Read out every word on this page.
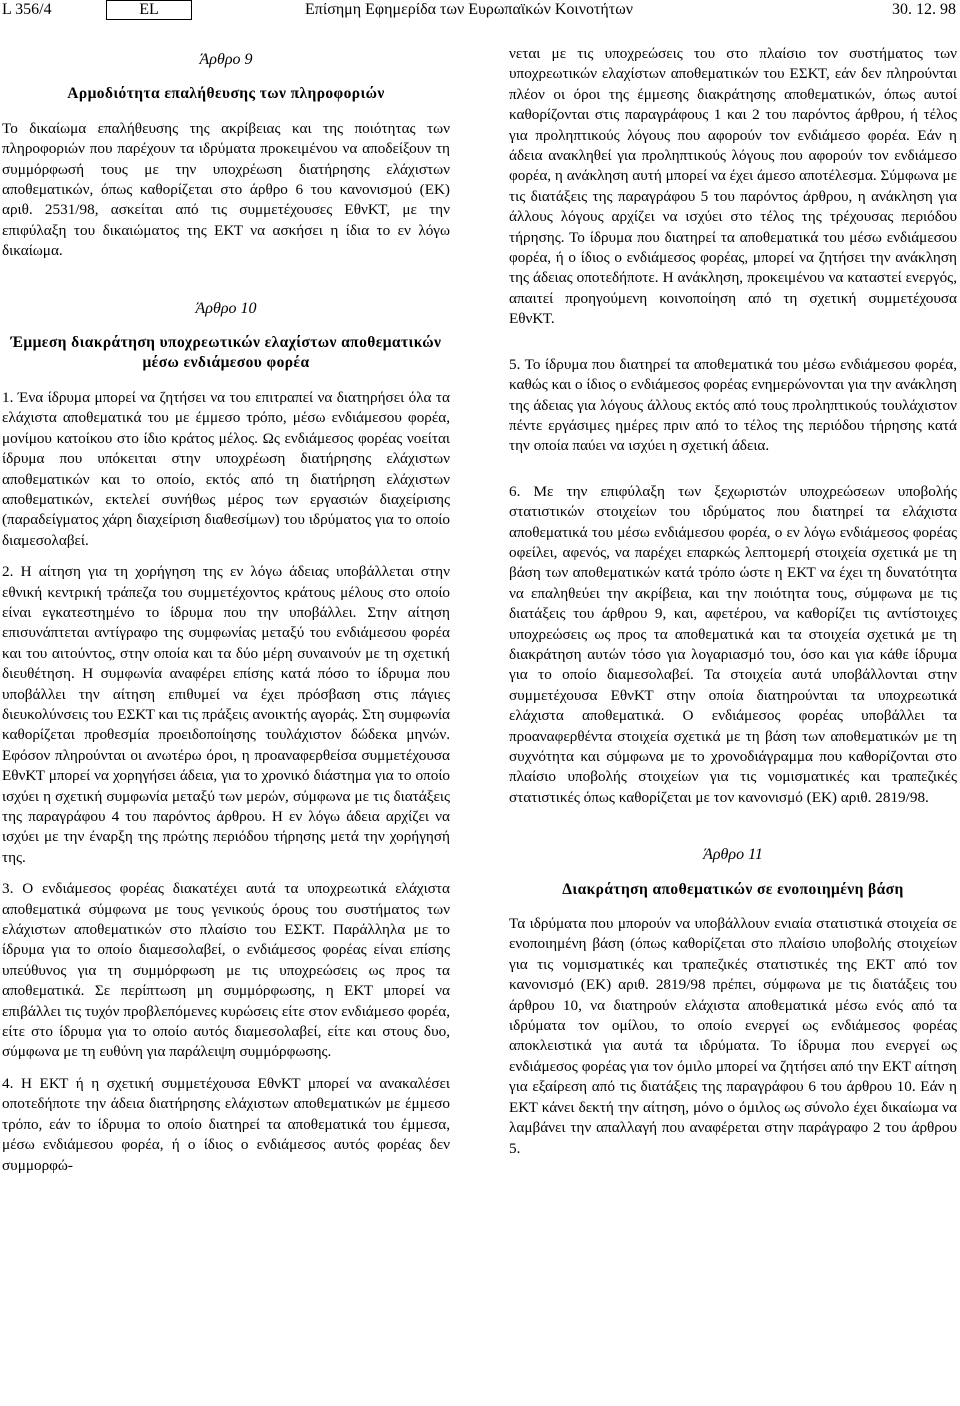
L 356/4	EL	Επίσημη Εφημερίδα των Ευρωπαϊκών Κοινοτήτων	30. 12. 98
Άρθρο 9
Αρμοδιότητα επαλήθευσης των πληροφοριών

Το δικαίωμα επαλήθευσης της ακρίβειας και της ποιότητας των πληροφοριών που παρέχουν τα ιδρύματα προκειμένου να αποδείξουν τη συμμόρφωσή τους με την υποχρέωση διατήρησης ελάχιστων αποθεματικών, όπως καθορίζεται στο άρθρο 6 του κανονισμού (ΕΚ) αριθ. 2531/98, ασκείται από τις συμμετέχουσες ΕθνΚΤ, με την επιφύλαξη του δικαιώματος της ΕΚΤ να ασκήσει η ίδια το εν λόγω δικαίωμα.

Άρθρο 10
Έμμεση διακράτηση υποχρεωτικών ελαχίστων αποθεματικών μέσω ενδιάμεσου φορέα

1. Ένα ίδρυμα μπορεί να ζητήσει να του επιτραπεί να διατηρήσει όλα τα ελάχιστα αποθεματικά του με έμμεσο τρόπο, μέσω ενδιάμεσου φορέα, μονίμου κατοίκου στο ίδιο κράτος μέλος. Ως ενδιάμεσος φορέας νοείται ίδρυμα που υπόκειται στην υποχρέωση διατήρησης ελάχιστων αποθεματικών και το οποίο, εκτός από τη διατήρηση ελάχιστων αποθεματικών, εκτελεί συνήθως μέρος των εργασιών διαχείρισης (παραδείγματος χάρη διαχείριση διαθεσίμων) του ιδρύματος για το οποίο διαμεσολαβεί.

2. Η αίτηση για τη χορήγηση της εν λόγω άδειας υποβάλλεται στην εθνική κεντρική τράπεζα του συμμετέχοντος κράτους μέλους στο οποίο είναι εγκατεστημένο το ίδρυμα που την υποβάλλει. Στην αίτηση επισυνάπτεται αντίγραφο της συμφωνίας μεταξύ του ενδιάμεσου φορέα και του αιτούντος, στην οποία και τα δύο μέρη συναινούν με τη σχετική διευθέτηση. Η συμφωνία αναφέρει επίσης κατά πόσο το ίδρυμα που υποβάλλει την αίτηση επιθυμεί να έχει πρόσβαση στις πάγιες διευκολύνσεις του ΕΣΚΤ και τις πράξεις ανοικτής αγοράς. Στη συμφωνία καθορίζεται προθεσμία προειδοποίησης τουλάχιστον δώδεκα μηνών. Εφόσον πληρούνται οι ανωτέρω όροι, η προαναφερθείσα συμμετέχουσα ΕθνΚΤ μπορεί να χορηγήσει άδεια, για το χρονικό διάστημα για το οποίο ισχύει η σχετική συμφωνία μεταξύ των μερών, σύμφωνα με τις διατάξεις της παραγράφου 4 του παρόντος άρθρου. Η εν λόγω άδεια αρχίζει να ισχύει με την έναρξη της πρώτης περιόδου τήρησης μετά την χορήγησή της.

3. Ο ενδιάμεσος φορέας διακατέχει αυτά τα υποχρεωτικά ελάχιστα αποθεματικά σύμφωνα με τους γενικούς όρους του συστήματος των ελάχιστων αποθεματικών στο πλαίσιο του ΕΣΚΤ. Παράλληλα με το ίδρυμα για το οποίο διαμεσολαβεί, ο ενδιάμεσος φορέας είναι επίσης υπεύθυνος για τη συμμόρφωση με τις υποχρεώσεις ως προς τα αποθεματικά. Σε περίπτωση μη συμμόρφωσης, η ΕΚΤ μπορεί να επιβάλλει τις τυχόν προβλεπόμενες κυρώσεις είτε στον ενδιάμεσο φορέα, είτε στο ίδρυμα για το οποίο αυτός διαμεσολαβεί, είτε και στους δυο, σύμφωνα με τη ευθύνη για παράλειψη συμμόρφωσης.

4. Η ΕΚΤ ή η σχετική συμμετέχουσα ΕθνΚΤ μπορεί να ανακαλέσει οποτεδήποτε την άδεια διατήρησης ελάχιστων αποθεματικών με έμμεσο τρόπο, εάν το ίδρυμα το οποίο διατηρεί τα αποθεματικά του έμμεσα, μέσω ενδιάμεσου φορέα, ή ο ίδιος ο ενδιάμεσος αυτός φορέας δεν συμμορφώ-

νεται με τις υποχρεώσεις του στο πλαίσιο τον συστήματος των υποχρεωτικών ελαχίστων αποθεματικών του ΕΣΚΤ, εάν δεν πληρούνται πλέον οι όροι της έμμεσης διακράτησης αποθεματικών, όπως αυτοί καθορίζονται στις παραγράφους 1 και 2 του παρόντος άρθρου, ή τέλος για προληπτικούς λόγους που αφορούν τον ενδιάμεσο φορέα. Εάν η άδεια ανακληθεί για προληπτικούς λόγους που αφορούν τον ενδιάμεσο φορέα, η ανάκληση αυτή μπορεί να έχει άμεσο αποτέλεσμα. Σύμφωνα με τις διατάξεις της παραγράφου 5 του παρόντος άρθρου, η ανάκληση για άλλους λόγους αρχίζει να ισχύει στο τέλος της τρέχουσας περιόδου τήρησης. Το ίδρυμα που διατηρεί τα αποθεματικά του μέσω ενδιάμεσου φορέα, ή ο ίδιος ο ενδιάμεσος φορέας, μπορεί να ζητήσει την ανάκληση της άδειας οποτεδήποτε. Η ανάκληση, προκειμένου να καταστεί ενεργός, απαιτεί προηγούμενη κοινοποίηση από τη σχετική συμμετέχουσα ΕθνΚΤ.

5. Το ίδρυμα που διατηρεί τα αποθεματικά του μέσω ενδιάμεσου φορέα, καθώς και ο ίδιος ο ενδιάμεσος φορέας ενημερώνονται για την ανάκληση της άδειας για λόγους άλλους εκτός από τους προληπτικούς τουλάχιστον πέντε εργάσιμες ημέρες πριν από το τέλος της περιόδου τήρησης κατά την οποία παύει να ισχύει η σχετική άδεια.

6. Με την επιφύλαξη των ξεχωριστών υποχρεώσεων υποβολής στατιστικών στοιχείων του ιδρύματος που διατηρεί τα ελάχιστα αποθεματικά του μέσω ενδιάμεσου φορέα, ο εν λόγω ενδιάμεσος φορέας οφείλει, αφενός, να παρέχει επαρκώς λεπτομερή στοιχεία σχετικά με τη βάση των αποθεματικών κατά τρόπο ώστε η ΕΚΤ να έχει τη δυνατότητα να επαληθεύει την ακρίβεια, και την ποιότητα τους, σύμφωνα με τις διατάξεις του άρθρου 9, και, αφετέρου, να καθορίζει τις αντίστοιχες υποχρεώσεις ως προς τα αποθεματικά και τα στοιχεία σχετικά με τη διακράτηση αυτών τόσο για λογαριασμό του, όσο και για κάθε ίδρυμα για το οποίο διαμεσολαβεί. Τα στοιχεία αυτά υποβάλλονται στην συμμετέχουσα ΕθνΚΤ στην οποία διατηρούνται τα υποχρεωτικά ελάχιστα αποθεματικά. Ο ενδιάμεσος φορέας υποβάλλει τα προαναφερθέντα στοιχεία σχετικά με τη βάση των αποθεματικών με τη συχνότητα και σύμφωνα με το χρονοδιάγραμμα που καθορίζονται στο πλαίσιο υποβολής στοιχείων για τις νομισματικές και τραπεζικές στατιστικές όπως καθορίζεται με τον κανονισμό (ΕΚ) αριθ. 2819/98.

Άρθρο 11
Διακράτηση αποθεματικών σε ενοποιημένη βάση

Τα ιδρύματα που μπορούν να υποβάλλουν ενιαία στατιστικά στοιχεία σε ενοποιημένη βάση (όπως καθορίζεται στο πλαίσιο υποβολής στοιχείων για τις νομισματικές και τραπεζικές στατιστικές της ΕΚΤ από τον κανονισμό (ΕΚ) αριθ. 2819/98 πρέπει, σύμφωνα με τις διατάξεις του άρθρου 10, να διατηρούν ελάχιστα αποθεματικά μέσω ενός από τα ιδρύματα τον ομίλου, το οποίο ενεργεί ως ενδιάμεσος φορέας αποκλειστικά για αυτά τα ιδρύματα. Το ίδρυμα που ενεργεί ως ενδιάμεσος φορέας για τον όμιλο μπορεί να ζητήσει από την ΕΚΤ αίτηση για εξαίρεση από τις διατάξεις της παραγράφου 6 του άρθρου 10. Εάν η ΕΚΤ κάνει δεκτή την αίτηση, μόνο ο όμιλος ως σύνολο έχει δικαίωμα να λαμβάνει την απαλλαγή που αναφέρεται στην παράγραφο 2 του άρθρου 5.
